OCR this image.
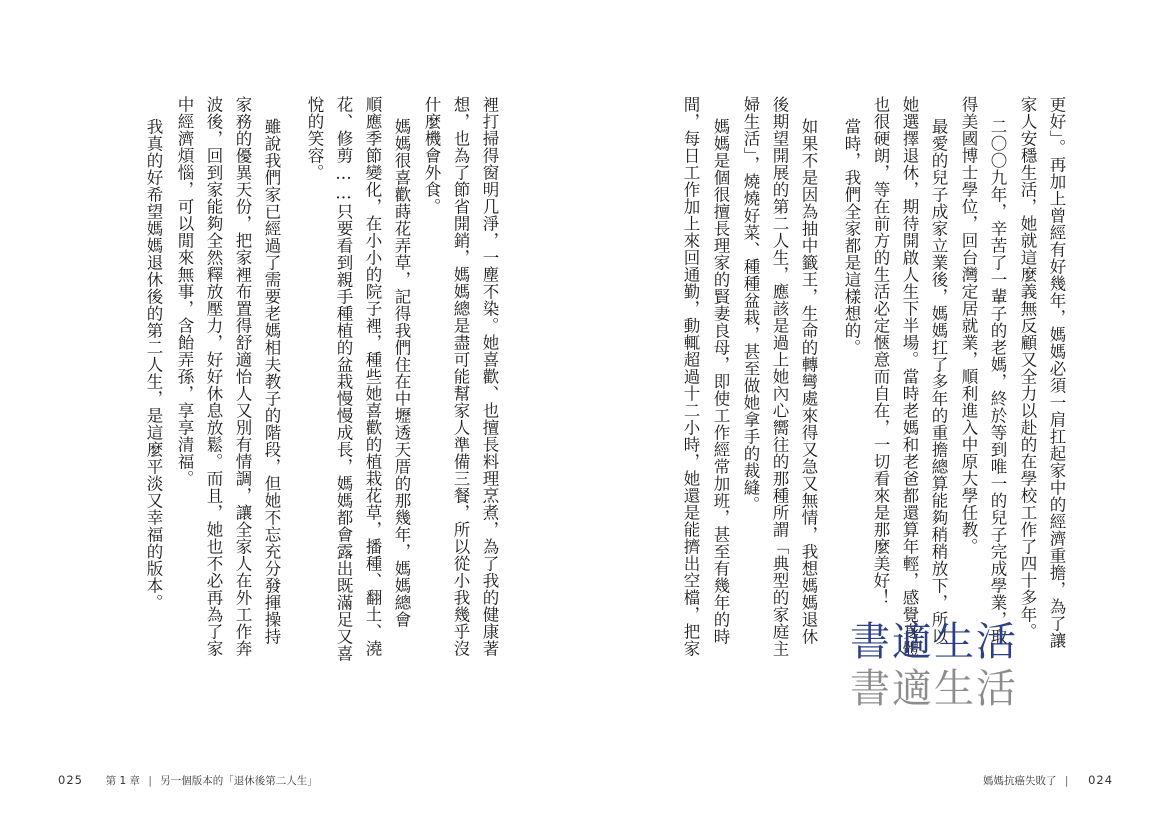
裡打掃得窗明几淨，一塵不染。她喜歡、也擅長料理烹煮，為了我的健康著

想，也為了節省開銷，媽媽總是盡可能幫家人準備三餐，所以從小我幾乎沒

什麼機會外食。

媽媽很喜歡蒔花弄草，記得我們住在中壢透天厝的那幾年，媽媽總會

順應季節變化，在小小的院子裡，種些她喜歡的植栽花草，播種、翻土、澆

花、修剪……只要看到親手種植的盆栽慢慢成長，媽媽都會露出既滿足又喜

悅的笑容。

雖說我們家已經過了需要老媽相夫教子的階段，但她不忘充分發揮操持

家務的優異天份，把家裡布置得舒適怡人又別有情調，讓全家人在外工作奔

波後，回到家能夠全然釋放壓力，好好休息放鬆。而且，她也不必再為了家

中經濟煩惱，可以閒來無事，含飴弄孫，享享清福。

我真的好希望媽媽退休後的第二人生，是這麼平淡又幸福的版本。

025 第 1 章 | 另一個版本的「退休後第二人生」

更好」。再加上曾經有好幾年，媽媽必須一肩扛起家中的經濟重擔，為了讓

家人安穩生活，她就這麼義無反顧又全力以赴的在學校工作了四十多年。

二〇〇九年，辛苦了一輩子的老媽，終於等到唯一的兒子完成學業，取

得美國博士學位，回台灣定居就業，順利進入中原大學任教。

最愛的兒子成家立業後，媽媽扛了多年的重擔總算能夠稍稍放下，所以

她選擇退休，期待開啟人生下半場。當時老媽和老爸都還算年輕，感覺身體

也很硬朗，等在前方的生活必定愜意而自在，一切看來是那麼美好！

當時，我們全家都是這樣想的。

如果不是因為抽中籤王，生命的轉彎處來得又急又無情，我想媽媽退休

後期望開展的第二人生，應該是過上她內心嚮往的那種所謂「典型的家庭主

婦生活」，燒燒好菜、種種盆栽，甚至做她拿手的裁縫。

媽媽是個很擅長理家的賢妻良母，即使工作經常加班，甚至有幾年的時

間，每日工作加上來回通勤，動輒超過十二小時，她還是能擠出空檔，把家

媽媽抗癌失敗了 | 024
書適生活
書適生活
